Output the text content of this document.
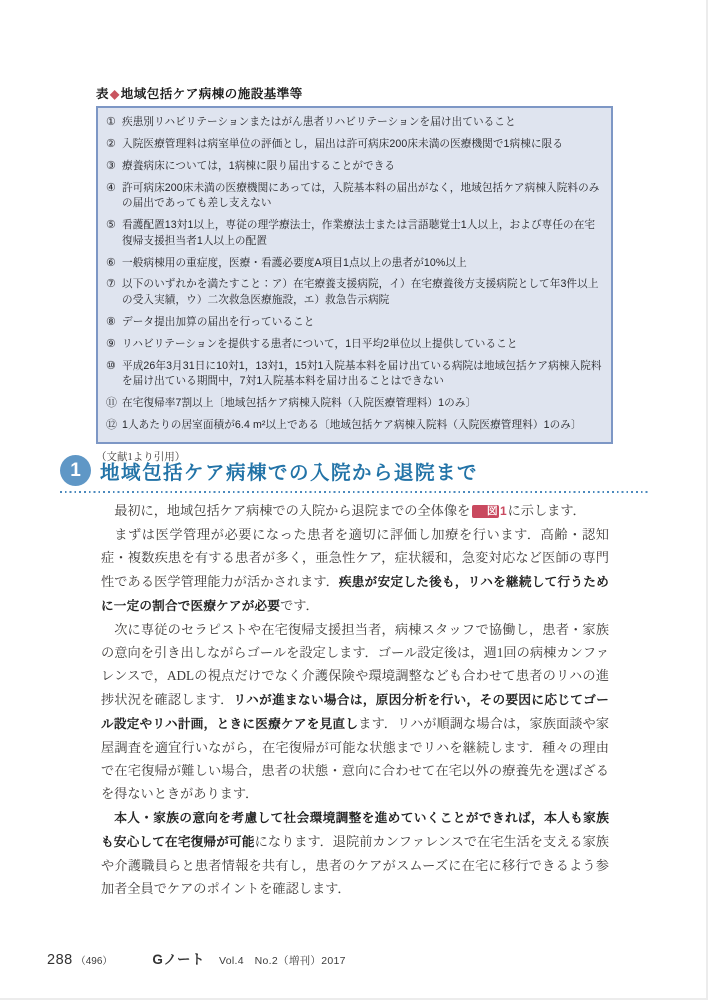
表◆地域包括ケア病棟の施設基準等
① 疾患別リハビリテーションまたはがん患者リハビリテーションを届け出ていること
② 入院医療管理料は病室単位の評価とし，届出は許可病床200床未満の医療機関で1病棟に限る
③ 療養病床については，1病棟に限り届出することができる
④ 許可病床200床未満の医療機関にあっては，入院基本料の届出がなく，地域包括ケア病棟入院料のみの届出であっても差し支えない
⑤ 看護配置13対1以上，専従の理学療法士，作業療法士または言語聴覚士1人以上，および専任の在宅復帰支援担当者1人以上の配置
⑥ 一般病棟用の重症度，医療・看護必要度A項目1点以上の患者が10%以上
⑦ 以下のいずれかを満たすこと：ア）在宅療養支援病院，イ）在宅療養後方支援病院として年3件以上の受入実績，ウ）二次救急医療施設，エ）救急告示病院
⑧ データ提出加算の届出を行っていること
⑨ リハビリテーションを提供する患者について，1日平均2単位以上提供していること
⑩ 平成26年3月31日に10対1，13対1，15対1入院基本料を届け出ている病院は地域包括ケア病棟入院料を届け出ている期間中，7対1入院基本料を届け出ることはできない
⑪ 在宅復帰率7割以上〔地域包括ケア病棟入院料（入院医療管理料）1のみ〕
⑫ 1人あたりの居室面積が6.4 m²以上である〔地域包括ケア病棟入院料（入院医療管理料）1のみ〕
（文献1より引用）
1 地域包括ケア病棟での入院から退院まで

最初に，地域包括ケア病棟での入院から退院までの全体像を 図 1に示します．

まずは医学管理が必要になった患者を適切に評価し加療を行います．高齢・認知症・複数疾患を有する患者が多く，亜急性ケア，症状緩和，急変対応など医師の専門性である医学管理能力が活かされます．疾患が安定した後も，リハを継続して行うために一定の割合で医療ケアが必要です．

次に専従のセラピストや在宅復帰支援担当者，病棟スタッフで協働し，患者・家族の意向を引き出しながらゴールを設定します．ゴール設定後は，週1回の病棟カンファレンスで，ADLの視点だけでなく介護保険や環境調整なども合わせて患者のリハの進捗状況を確認します．リハが進まない場合は，原因分析を行い，その要因に応じてゴール設定やリハ計画，ときに医療ケアを見直します．リハが順調な場合は，家族面談や家屋調査を適宜行いながら，在宅復帰が可能な状態までリハを継続します．種々の理由で在宅復帰が難しい場合，患者の状態・意向に合わせて在宅以外の療養先を選ばざるを得ないときがあります．

本人・家族の意向を考慮して社会環境調整を進めていくことができれば，本人も家族も安心して在宅復帰が可能になります．退院前カンファレンスで在宅生活を支える家族や介護職員らと患者情報を共有し，患者のケアがスムーズに在宅に移行できるよう参加者全員でケアのポイントを確認します．

288 （496）	Gノート Vol.4　No.2（増刊）2017
